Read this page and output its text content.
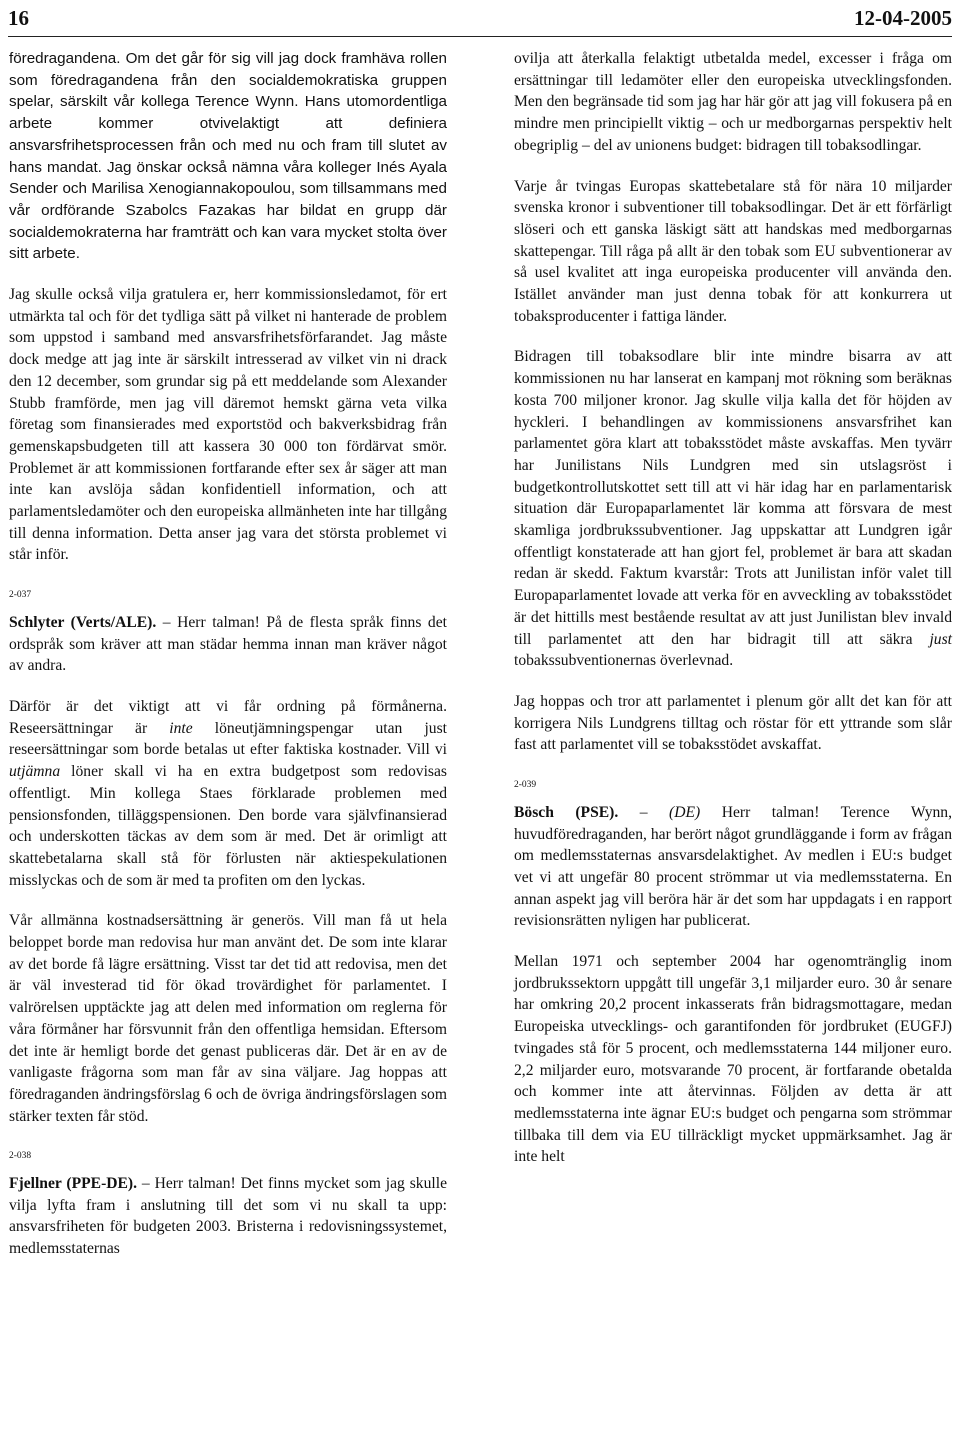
16	12-04-2005

föredragandena. Om det går för sig vill jag dock framhäva rollen som föredragandena från den socialdemokratiska gruppen spelar, särskilt vår kollega Terence Wynn. Hans utomordentliga arbete kommer otvivelaktigt att definiera ansvarsfrihetsprocessen från och med nu och fram till slutet av hans mandat. Jag önskar också nämna våra kolleger Inés Ayala Sender och Marilisa Xenogiannakopoulou, som tillsammans med vår ordförande Szabolcs Fazakas har bildat en grupp där socialdemokraterna har framträtt och kan vara mycket stolta över sitt arbete.

Jag skulle också vilja gratulera er, herr kommissionsledamot, för ert utmärkta tal och för det tydliga sätt på vilket ni hanterade de problem som uppstod i samband med ansvarsfrihetsförfarandet. Jag måste dock medge att jag inte är särskilt intresserad av vilket vin ni drack den 12 december, som grundar sig på ett meddelande som Alexander Stubb framförde, men jag vill däremot hemskt gärna veta vilka företag som finansierades med exportstöd och bakverksbidrag från gemenskapsbudgeten till att kassera 30 000 ton fördärvat smör. Problemet är att kommissionen fortfarande efter sex år säger att man inte kan avslöja sådan konfidentiell information, och att parlamentsledamöter och den europeiska allmänheten inte har tillgång till denna information. Detta anser jag vara det största problemet vi står inför.

2-037

Schlyter (Verts/ALE). – Herr talman! På de flesta språk finns det ordspråk som kräver att man städar hemma innan man kräver något av andra.

Därför är det viktigt att vi får ordning på förmånerna. Reseersättningar är inte löneutjämningspengar utan just reseersättningar som borde betalas ut efter faktiska kostnader. Vill vi utjämna löner skall vi ha en extra budgetpost som redovisas offentligt. Min kollega Staes förklarade problemen med pensionsfonden, tilläggspensionen. Den borde vara självfinansierad och underskotten täckas av dem som är med. Det är orimligt att skattebetalarna skall stå för förlusten när aktiespekulationen misslyckas och de som är med ta profiten om den lyckas.

Vår allmänna kostnadsersättning är generös. Vill man få ut hela beloppet borde man redovisa hur man använt det. De som inte klarar av det borde få lägre ersättning. Visst tar det tid att redovisa, men det är väl investerad tid för ökad trovärdighet för parlamentet. I valrörelsen upptäckte jag att delen med information om reglerna för våra förmåner har försvunnit från den offentliga hemsidan. Eftersom det inte är hemligt borde det genast publiceras där. Det är en av de vanligaste frågorna som man får av sina väljare. Jag hoppas att föredraganden ändringsförslag 6 och de övriga ändringsförslagen som stärker texten får stöd.

2-038

Fjellner (PPE-DE). – Herr talman! Det finns mycket som jag skulle vilja lyfta fram i anslutning till det som vi nu skall ta upp: ansvarsfriheten för budgeten 2003. Bristerna i redovisningssystemet, medlemsstaternas

ovilja att återkalla felaktigt utbetalda medel, excesser i fråga om ersättningar till ledamöter eller den europeiska utvecklingsfonden. Men den begränsade tid som jag har här gör att jag vill fokusera på en mindre men principiellt viktig – och ur medborgarnas perspektiv helt obegriplig – del av unionens budget: bidragen till tobaksodlingar.

Varje år tvingas Europas skattebetalare stå för nära 10 miljarder svenska kronor i subventioner till tobaksodlingar. Det är ett förfärligt slöseri och ett ganska läskigt sätt att handskas med medborgarnas skattepengar. Till råga på allt är den tobak som EU subventionerar av så usel kvalitet att inga europeiska producenter vill använda den. Istället använder man just denna tobak för att konkurrera ut tobaksproducenter i fattiga länder.

Bidragen till tobaksodlare blir inte mindre bisarra av att kommissionen nu har lanserat en kampanj mot rökning som beräknas kosta 700 miljoner kronor. Jag skulle vilja kalla det för höjden av hyckleri. I behandlingen av kommissionens ansvarsfrihet kan parlamentet göra klart att tobaksstödet måste avskaffas. Men tyvärr har Junilistans Nils Lundgren med sin utslagsröst i budgetkontrollutskottet sett till att vi här idag har en parlamentarisk situation där Europaparlamentet lär komma att försvara de mest skamliga jordbrukssubventioner. Jag uppskattar att Lundgren igår offentligt konstaterade att han gjort fel, problemet är bara att skadan redan är skedd. Faktum kvarstår: Trots att Junilistan inför valet till Europaparlamentet lovade att verka för en avveckling av tobaksstödet är det hittills mest bestående resultat av att just Junilistan blev invald till parlamentet att den har bidragit till att säkra just tobakssubventionernas överlevnad.

Jag hoppas och tror att parlamentet i plenum gör allt det kan för att korrigera Nils Lundgrens tilltag och röstar för ett yttrande som slår fast att parlamentet vill se tobaksstödet avskaffat.

2-039

Bösch (PSE). – (DE) Herr talman! Terence Wynn, huvudföredraganden, har berört något grundläggande i form av frågan om medlemsstaternas ansvarsdelaktighet. Av medlen i EU:s budget vet vi att ungefär 80 procent strömmar ut via medlemsstaterna. En annan aspekt jag vill beröra här är det som har uppdagats i en rapport revisionsrätten nyligen har publicerat.

Mellan 1971 och september 2004 har ogenomtränglig inom jordbrukssektorn uppgått till ungefär 3,1 miljarder euro. 30 år senare har omkring 20,2 procent inkasserats från bidragsmottagare, medan Europeiska utvecklings- och garantifonden för jordbruket (EUGFJ) tvingades stå för 5 procent, och medlemsstaterna 144 miljoner euro. 2,2 miljarder euro, motsvarande 70 procent, är fortfarande obetalda och kommer inte att återvinnas. Följden av detta är att medlemsstaterna inte ägnar EU:s budget och pengarna som strömmar tillbaka till dem via EU tillräckligt mycket uppmärksamhet. Jag är inte helt
